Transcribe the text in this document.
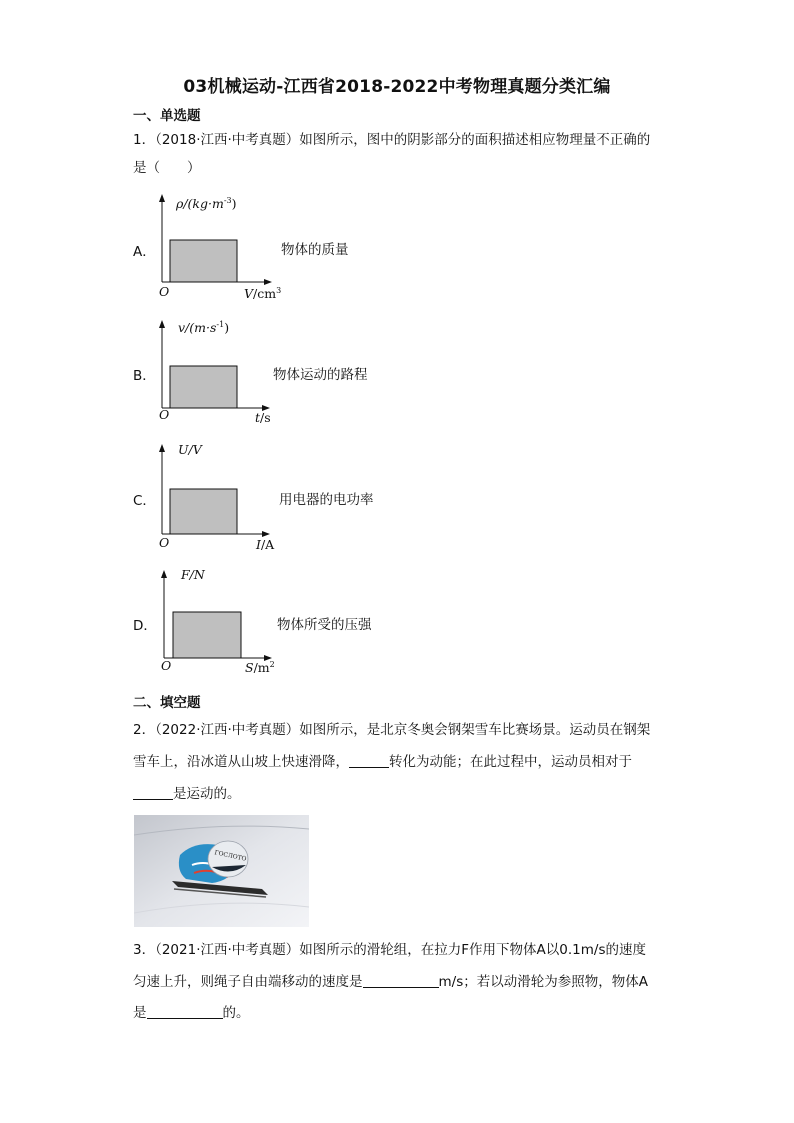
03机械运动-江西省2018-2022中考物理真题分类汇编
一、单选题
1．（2018·江西·中考真题）如图所示，图中的阴影部分的面积描述相应物理量不正确的
是（　　）
A．
$\rho/(kg\cdot m^{-3})$
O	$V/cm^3$
物体的质量
B．
$v/(m\cdot s^{-1})$
O	t/s
物体运动的路程
C．
U/V
O	I/A
用电器的电功率
D．
F/N
O	$S/m^2$
物体所受的压强
二、填空题
2．（2022·江西·中考真题）如图所示，是北京冬奥会钢架雪车比赛场景。运动员在钢架
雪车上，沿冰道从山坡上快速滑降，	转化为动能；在此过程中，运动员相对于
是运动的。
ГОСЛОТО
3．（2021·江西·中考真题）如图所示的滑轮组，在拉力F作用下物体A以0.1m/s的速度
匀速上升，则绳子自由端移动的速度是	m/s；若以动滑轮为参照物，物体A
是	的。
